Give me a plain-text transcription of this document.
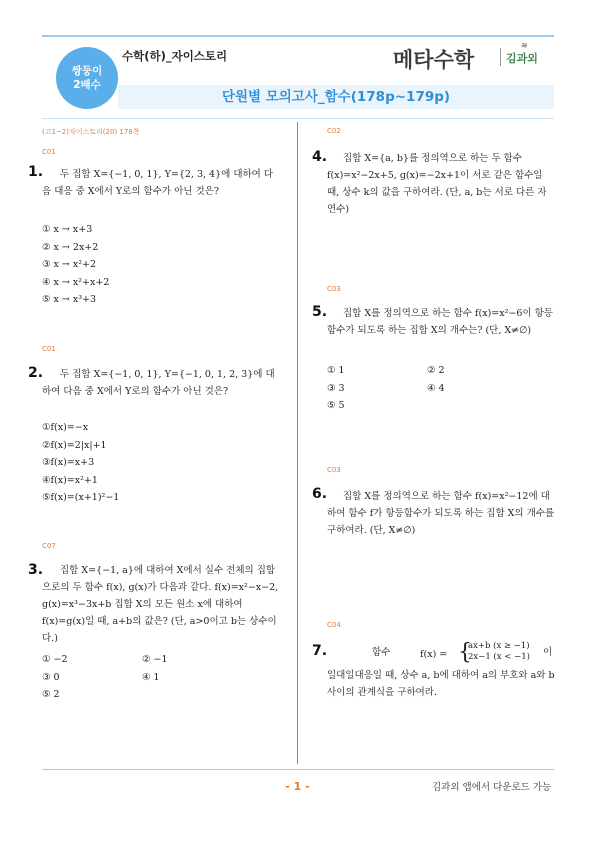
쌍둥이
2배수
수학(하)_자이스토리	메타수학
≋
김과외
단원별 모의고사_함수(178p~179p)
(고1~2)자이스토리(20) 178쪽
C01
1.	두 집합 X={−1, 0, 1}, Y={2, 3, 4}에 대하여 다음 대응 중 X에서 Y로의 함수가 아닌 것은?
① x → x+3
② x → 2x+2
③ x → x²+2
④ x → x²+x+2
⑤ x → x³+3
C01
2.	두 집합 X={−1, 0, 1}, Y={−1, 0, 1, 2, 3}에 대하여 다음 중 X에서 Y로의 함수가 아닌 것은?
①f(x)=−x
②f(x)=2|x|+1
③f(x)=x+3
④f(x)=x²+1
⑤f(x)=(x+1)²−1
C07
3.	집합 X={−1, a}에 대하여 X에서 실수 전체의 집합으로의 두 함수 f(x), g(x)가 다음과 같다. f(x)=x²−x−2, g(x)=x³−3x+b 집합 X의 모든 원소 x에 대하여 f(x)=g(x)일 때, a+b의 값은? (단, a>0이고 b는 상수이다.)
① −2	② −1
③ 0	④ 1
⑤ 2
C02
4.	집합 X={a, b}를 정의역으로 하는 두 함수 f(x)=x²−2x+5, g(x)=−2x+1이 서로 같은 함수일 때, 상수 k의 값을 구하여라. (단, a, b는 서로 다른 자연수)
C03
5.	집합 X를 정의역으로 하는 함수 f(x)=x²−6이 항등함수가 되도록 하는 집합 X의 개수는? (단, X≠∅)
① 1	② 2
③ 3	④ 4
⑤ 5
C03
6.	집합 X를 정의역으로 하는 함수 f(x)=x²−12에 대하여 함수 f가 항등함수가 되도록 하는 집합 X의 개수를 구하여라. (단, X≠∅)
C04
7.	함수	f(x) = {
ax+b (x ≥ −1)
2x−1 (x < −1) 이
일대일대응일 때, 상수 a, b에 대하여 a의 부호와 a와 b 사이의 관계식을 구하여라.
- 1 -	김과외 앱에서 다운로드 가능
